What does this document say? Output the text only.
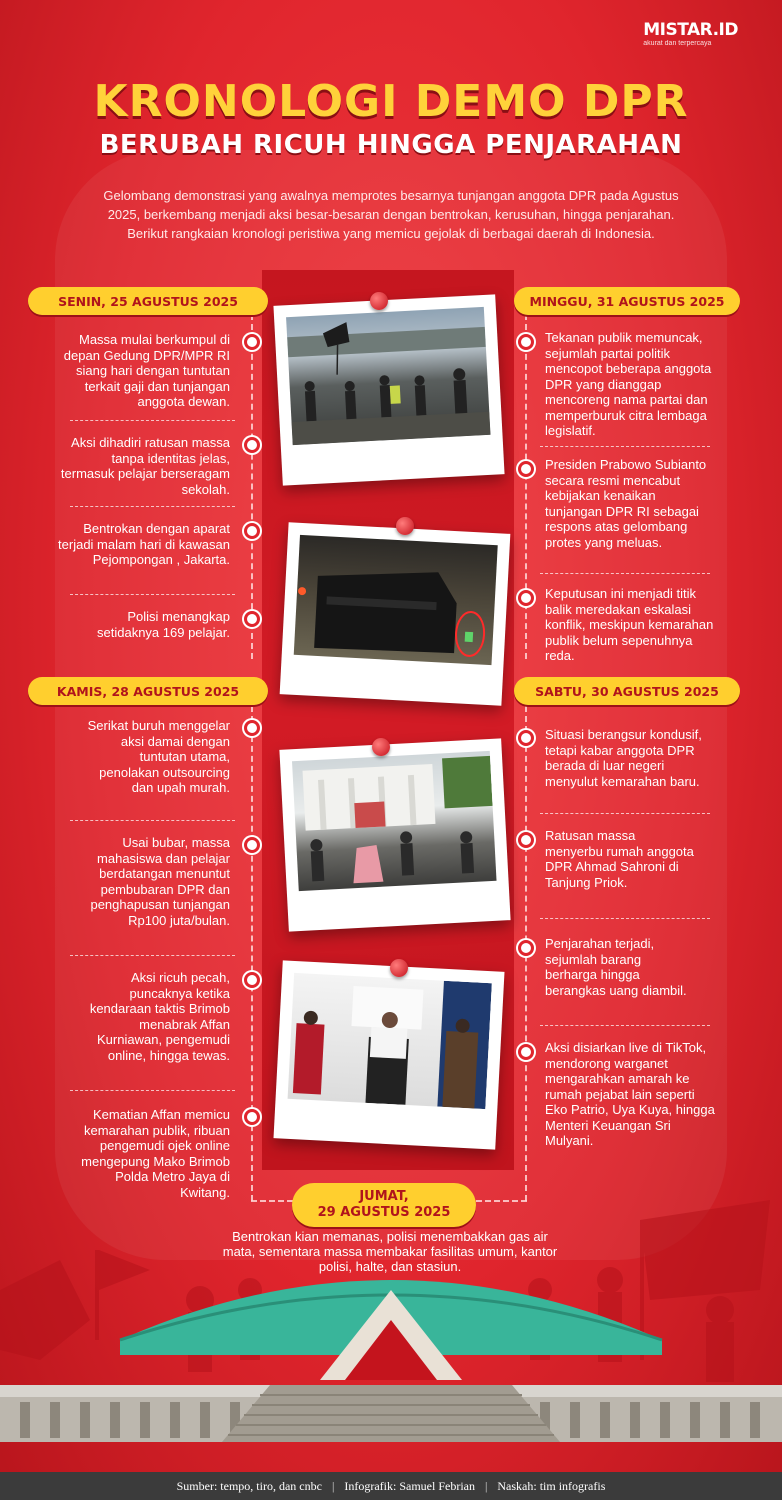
MISTAR.ID
akurat dan terpercaya
KRONOLOGI DEMO DPR
BERUBAH RICUH HINGGA PENJARAHAN
Gelombang demonstrasi yang awalnya memprotes besarnya tunjangan anggota DPR pada Agustus 2025, berkembang menjadi aksi besar-besaran dengan bentrokan, kerusuhan, hingga penjarahan. Berikut rangkaian kronologi peristiwa yang memicu gejolak di berbagai daerah di Indonesia.
SENIN, 25 AGUSTUS 2025	MINGGU, 31 AGUSTUS 2025
KAMIS, 28 AGUSTUS 2025	SABTU, 30 AGUSTUS 2025
Massa mulai berkumpul di depan Gedung DPR/MPR RI siang hari dengan tuntutan terkait gaji dan tunjangan anggota dewan.
Aksi dihadiri ratusan massa tanpa identitas jelas, termasuk pelajar berseragam sekolah.
Bentrokan dengan aparat terjadi malam hari di kawasan Pejompongan , Jakarta.
Polisi menangkap setidaknya 169 pelajar.
Tekanan publik memuncak, sejumlah partai politik mencopot beberapa anggota DPR yang dianggap mencoreng nama partai dan memperburuk citra lembaga legislatif.
Presiden Prabowo Subianto secara resmi mencabut kebijakan kenaikan tunjangan DPR RI sebagai respons atas gelombang protes yang meluas.
Keputusan ini menjadi titik balik meredakan eskalasi konflik, meskipun kemarahan publik belum sepenuhnya reda.
Serikat buruh menggelar aksi damai dengan tuntutan utama, penolakan outsourcing dan upah murah.
Usai bubar, massa mahasiswa dan pelajar berdatangan menuntut pembubaran DPR dan penghapusan tunjangan Rp100 juta/bulan.
Aksi ricuh pecah, puncaknya ketika kendaraan taktis Brimob menabrak Affan Kurniawan, pengemudi online, hingga tewas.
Kematian Affan memicu kemarahan publik, ribuan pengemudi ojek online mengepung Mako Brimob Polda Metro Jaya di Kwitang.
Situasi berangsur kondusif, tetapi kabar anggota DPR berada di luar negeri menyulut kemarahan baru.
Ratusan massa menyerbu rumah anggota DPR Ahmad Sahroni di Tanjung Priok.
Penjarahan terjadi, sejumlah barang berharga hingga berangkas uang diambil.
Aksi disiarkan live di TikTok, mendorong warganet mengarahkan amarah ke rumah pejabat lain seperti Eko Patrio, Uya Kuya, hingga Menteri Keuangan Sri Mulyani.
JUMAT,
29 AGUSTUS 2025
Bentrokan kian memanas, polisi menembakkan gas air mata, sementara massa membakar fasilitas umum, kantor polisi, halte, dan stasiun.
Sumber: tempo, tiro, dan cnbc | Infografik: Samuel Febrian | Naskah: tim infografis
